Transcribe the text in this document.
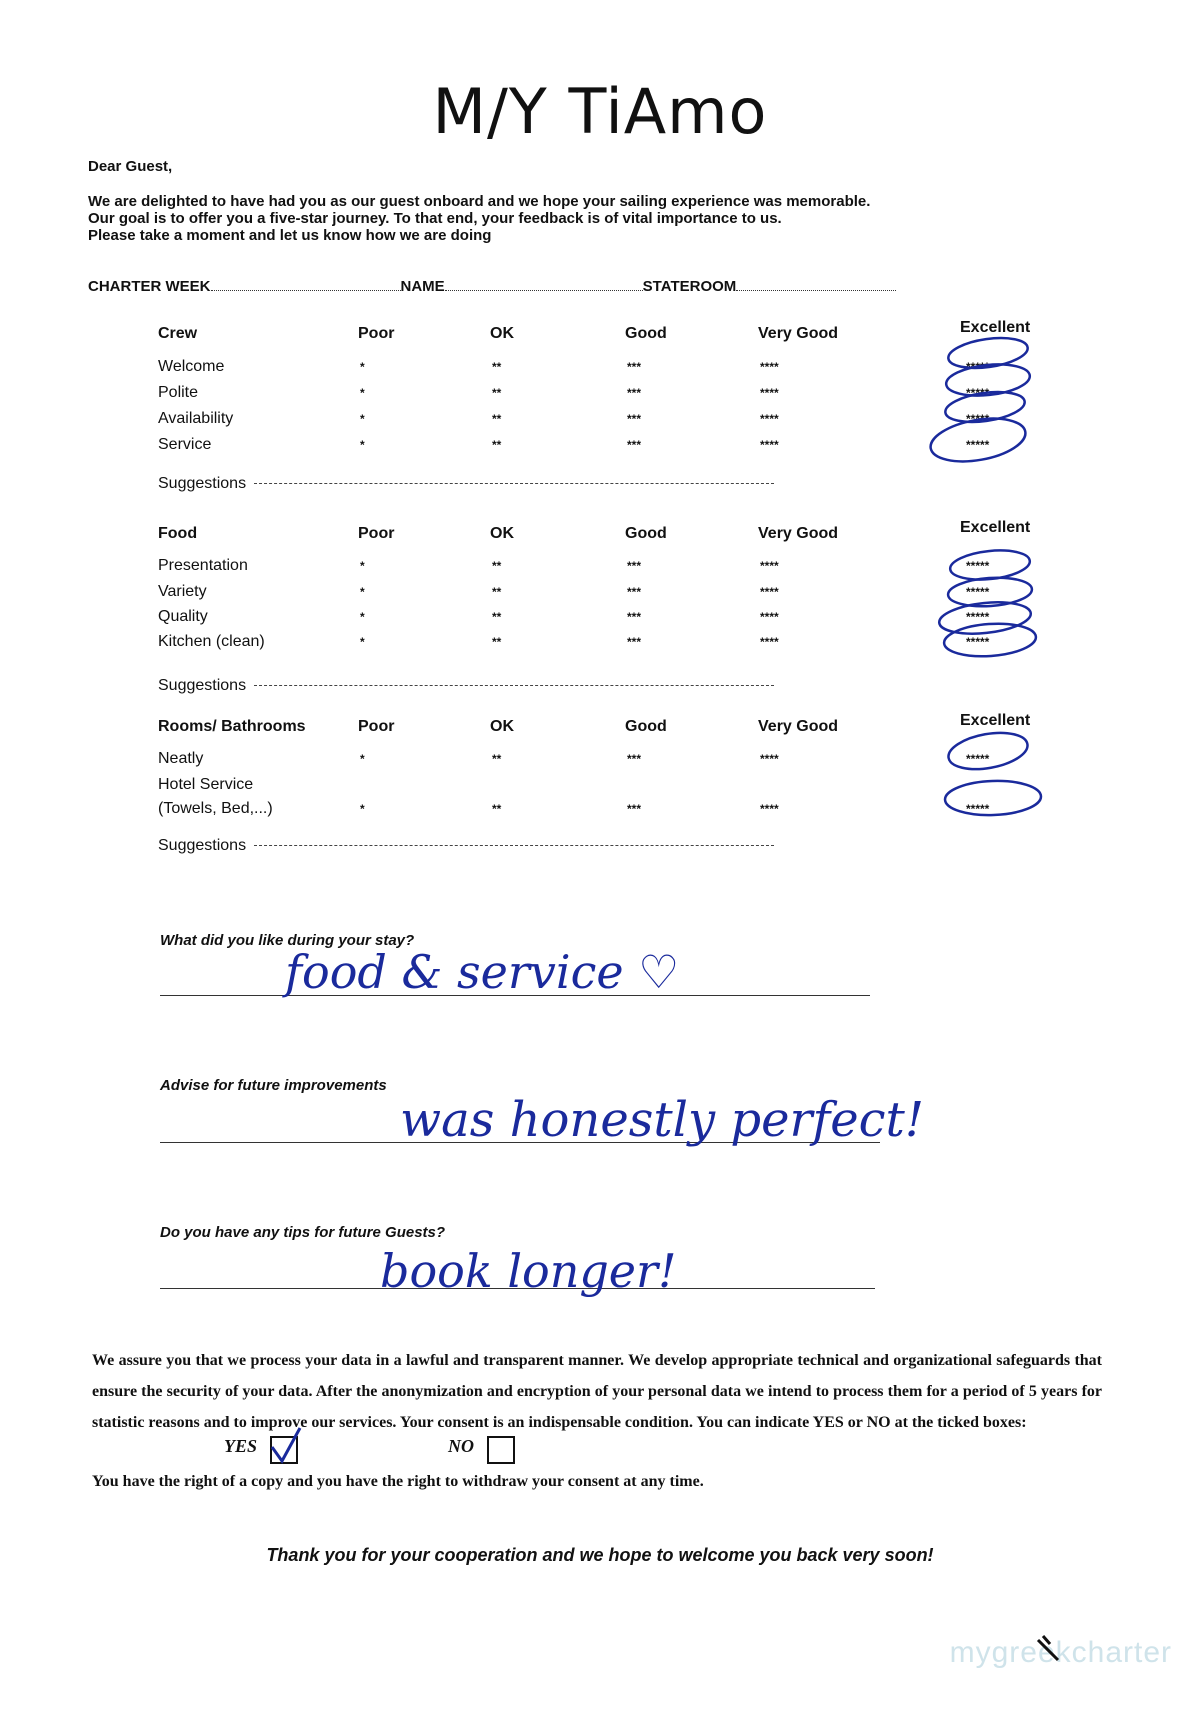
M/Y TiAmo
Dear Guest,
We are delighted to have had you as our guest onboard and we hope your sailing experience was memorable.
Our goal is to offer you a five-star journey. To that end, your feedback is of vital importance to us.
Please take a moment and let us know how we are doing
CHARTER WEEK	NAME	STATEROOM
Crew	Poor	OK	Good	Very Good	Excellent
Welcome	*	**	***	****	*****
Polite	*	**	***	****	*****
Availability	*	**	***	****	*****
Service	*	**	***	****	*****
Suggestions
Food	Poor	OK	Good	Very Good	Excellent
Presentation	*	**	***	****	*****
Variety	*	**	***	****	*****
Quality	*	**	***	****	*****
Kitchen (clean)	*	**	***	****	*****
Suggestions
Rooms/ Bathrooms	Poor	OK	Good	Very Good	Excellent
Neatly	*	**	***	****	*****
Hotel Service
(Towels, Bed,...)	*	**	***	****	*****
Suggestions
What did you like during your stay?
food & service ♡
Advise for future improvements
was honestly perfect!
Do you have any tips for future Guests?
book longer!
We assure you that we process your data in a lawful and transparent manner. We develop appropriate technical and organizational safeguards that ensure the security of your data. After the anonymization and encryption of your personal data we intend to process them for a period of 5 years for statistic reasons and to improve our services. Your consent is an indispensable condition. You can indicate YES or NO at the ticked boxes:
YES	NO
You have the right of a copy and you have the right to withdraw your consent at any time.
Thank you for your cooperation and we hope to welcome you back very soon!
mygreekcharter
